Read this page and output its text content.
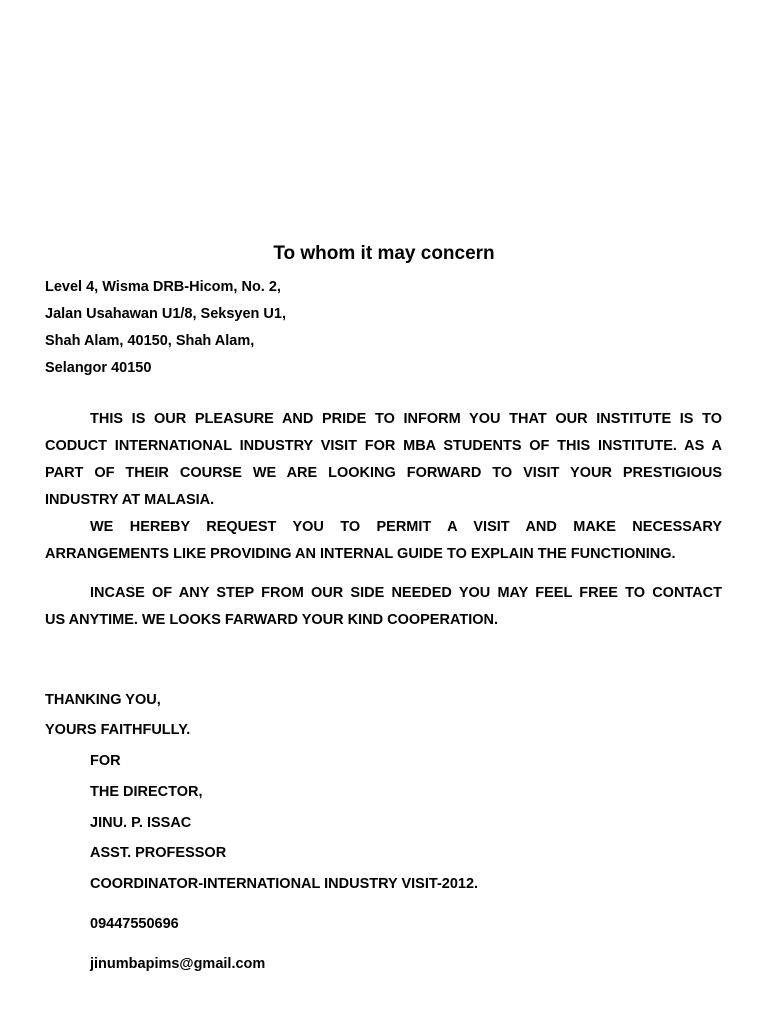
To whom it may concern
Level 4, Wisma DRB-Hicom, No. 2,
Jalan Usahawan U1/8, Seksyen U1,
Shah Alam, 40150, Shah Alam,
Selangor 40150
THIS IS OUR PLEASURE AND PRIDE TO INFORM YOU THAT OUR INSTITUTE IS TO
CODUCT INTERNATIONAL INDUSTRY VISIT FOR MBA STUDENTS OF THIS INSTITUTE. AS A
PART OF THEIR COURSE WE ARE LOOKING FORWARD TO VISIT YOUR PRESTIGIOUS
INDUSTRY AT MALASIA.
WE HEREBY REQUEST YOU TO PERMIT A VISIT AND MAKE NECESSARY
ARRANGEMENTS LIKE PROVIDING AN INTERNAL GUIDE TO EXPLAIN THE FUNCTIONING.
INCASE OF ANY STEP FROM OUR SIDE NEEDED YOU MAY FEEL FREE TO CONTACT
US ANYTIME. WE LOOKS FARWARD YOUR KIND COOPERATION.
THANKING YOU,
YOURS FAITHFULLY.
FOR
THE DIRECTOR,
JINU. P. ISSAC
ASST. PROFESSOR
COORDINATOR-INTERNATIONAL INDUSTRY VISIT-2012.
09447550696
jinumbapims@gmail.com
